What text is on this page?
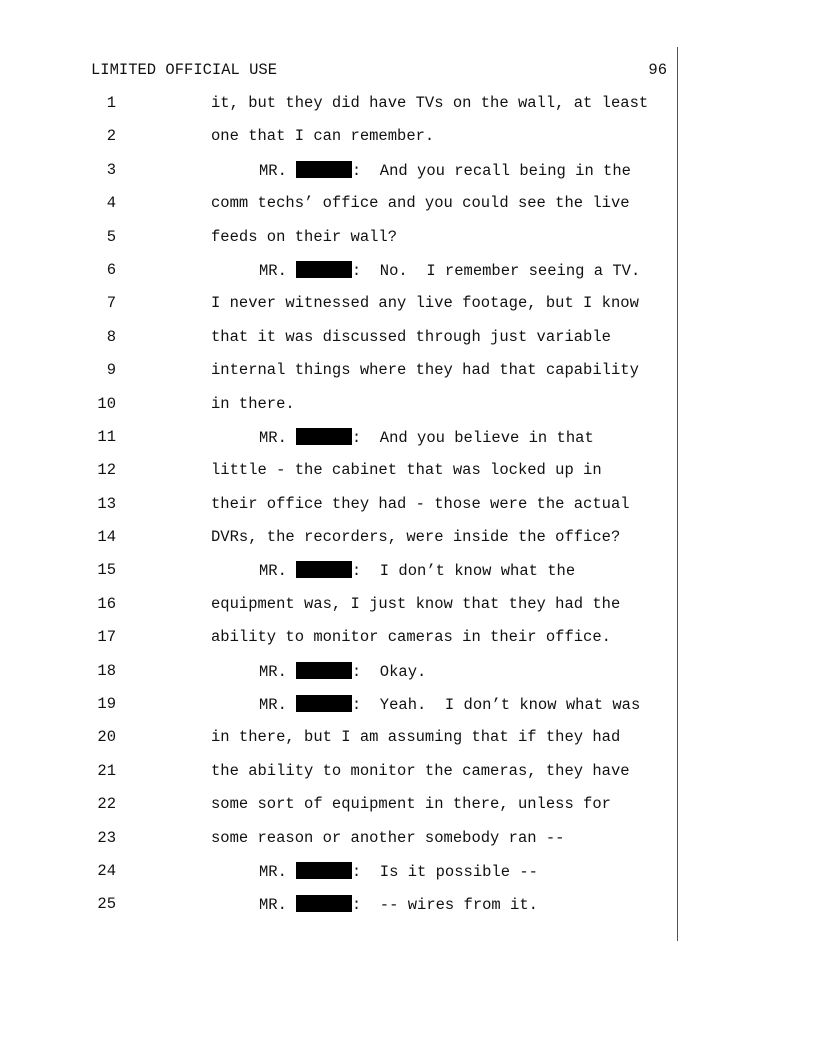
LIMITED OFFICIAL USE	96

1

	it, but they did have TVs on the wall, at least

2

	one that I can remember.

3

	MR.	:  And you recall being in the

4

	comm techs’ office and you could see the live

5

	feeds on their wall?

6

	MR.	:  No.  I remember seeing a TV.

7

	I never witnessed any live footage, but I know

8

	that it was discussed through just variable

9

	internal things where they had that capability

10

	in there.

11

	MR.	:  And you believe in that

12

	little - the cabinet that was locked up in

13

	their office they had - those were the actual

14

	DVRs, the recorders, were inside the office?

15

	MR.	:  I don’t know what the

16

	equipment was, I just know that they had the

17

	ability to monitor cameras in their office.

18

	MR.	:  Okay.

19

	MR.	:  Yeah.  I don’t know what was

20

	in there, but I am assuming that if they had

21

	the ability to monitor the cameras, they have

22

	some sort of equipment in there, unless for

23

	some reason or another somebody ran --

24

	MR.	:  Is it possible --

25

	MR.	:  -- wires from it.
